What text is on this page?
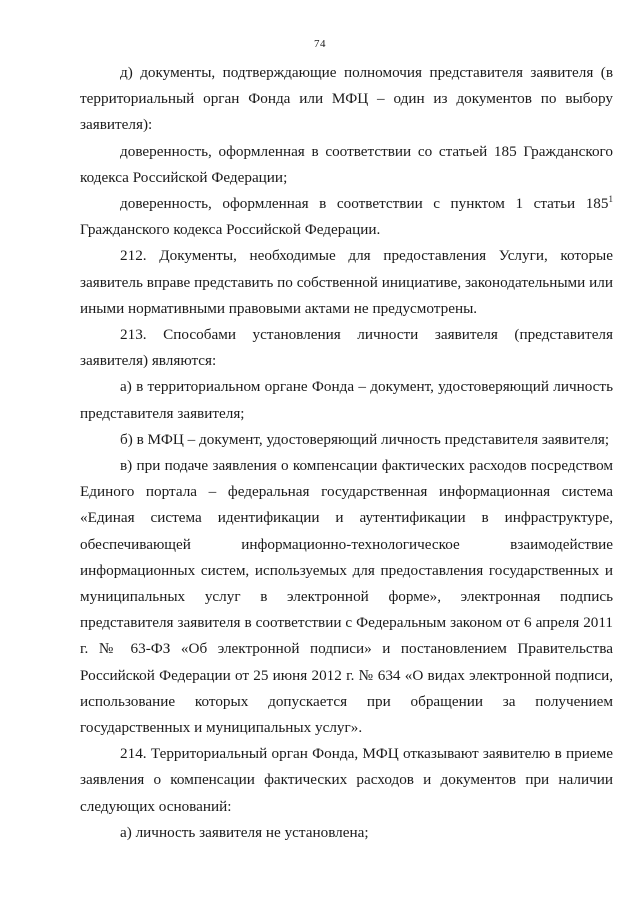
74

д) документы, подтверждающие полномочия представителя заявителя (в территориальный орган Фонда или МФЦ – один из документов по выбору заявителя):

доверенность, оформленная в соответствии со статьей 185 Гражданского кодекса Российской Федерации;

доверенность, оформленная в соответствии с пунктом 1 статьи $185^1$ Гражданского кодекса Российской Федерации.

212. Документы, необходимые для предоставления Услуги, которые заявитель вправе представить по собственной инициативе, законодательными или иными нормативными правовыми актами не предусмотрены.

213. Способами установления личности заявителя (представителя заявителя) являются:

а) в территориальном органе Фонда – документ, удостоверяющий личность представителя заявителя;

б) в МФЦ – документ, удостоверяющий личность представителя заявителя;

в) при подаче заявления о компенсации фактических расходов посредством Единого портала – федеральная государственная информационная система «Единая система идентификации и аутентификации в инфраструктуре, обеспечивающей информационно-технологическое взаимодействие информационных систем, используемых для предоставления государственных и муниципальных услуг в электронной форме», электронная подпись представителя заявителя в соответствии с Федеральным законом от 6 апреля 2011 г. № 63-ФЗ «Об электронной подписи» и постановлением Правительства Российской Федерации от 25 июня 2012 г. № 634 «О видах электронной подписи, использование которых допускается при обращении за получением государственных и муниципальных услуг».

214. Территориальный орган Фонда, МФЦ отказывают заявителю в приеме заявления о компенсации фактических расходов и документов при наличии следующих оснований:

а) личность заявителя не установлена;
